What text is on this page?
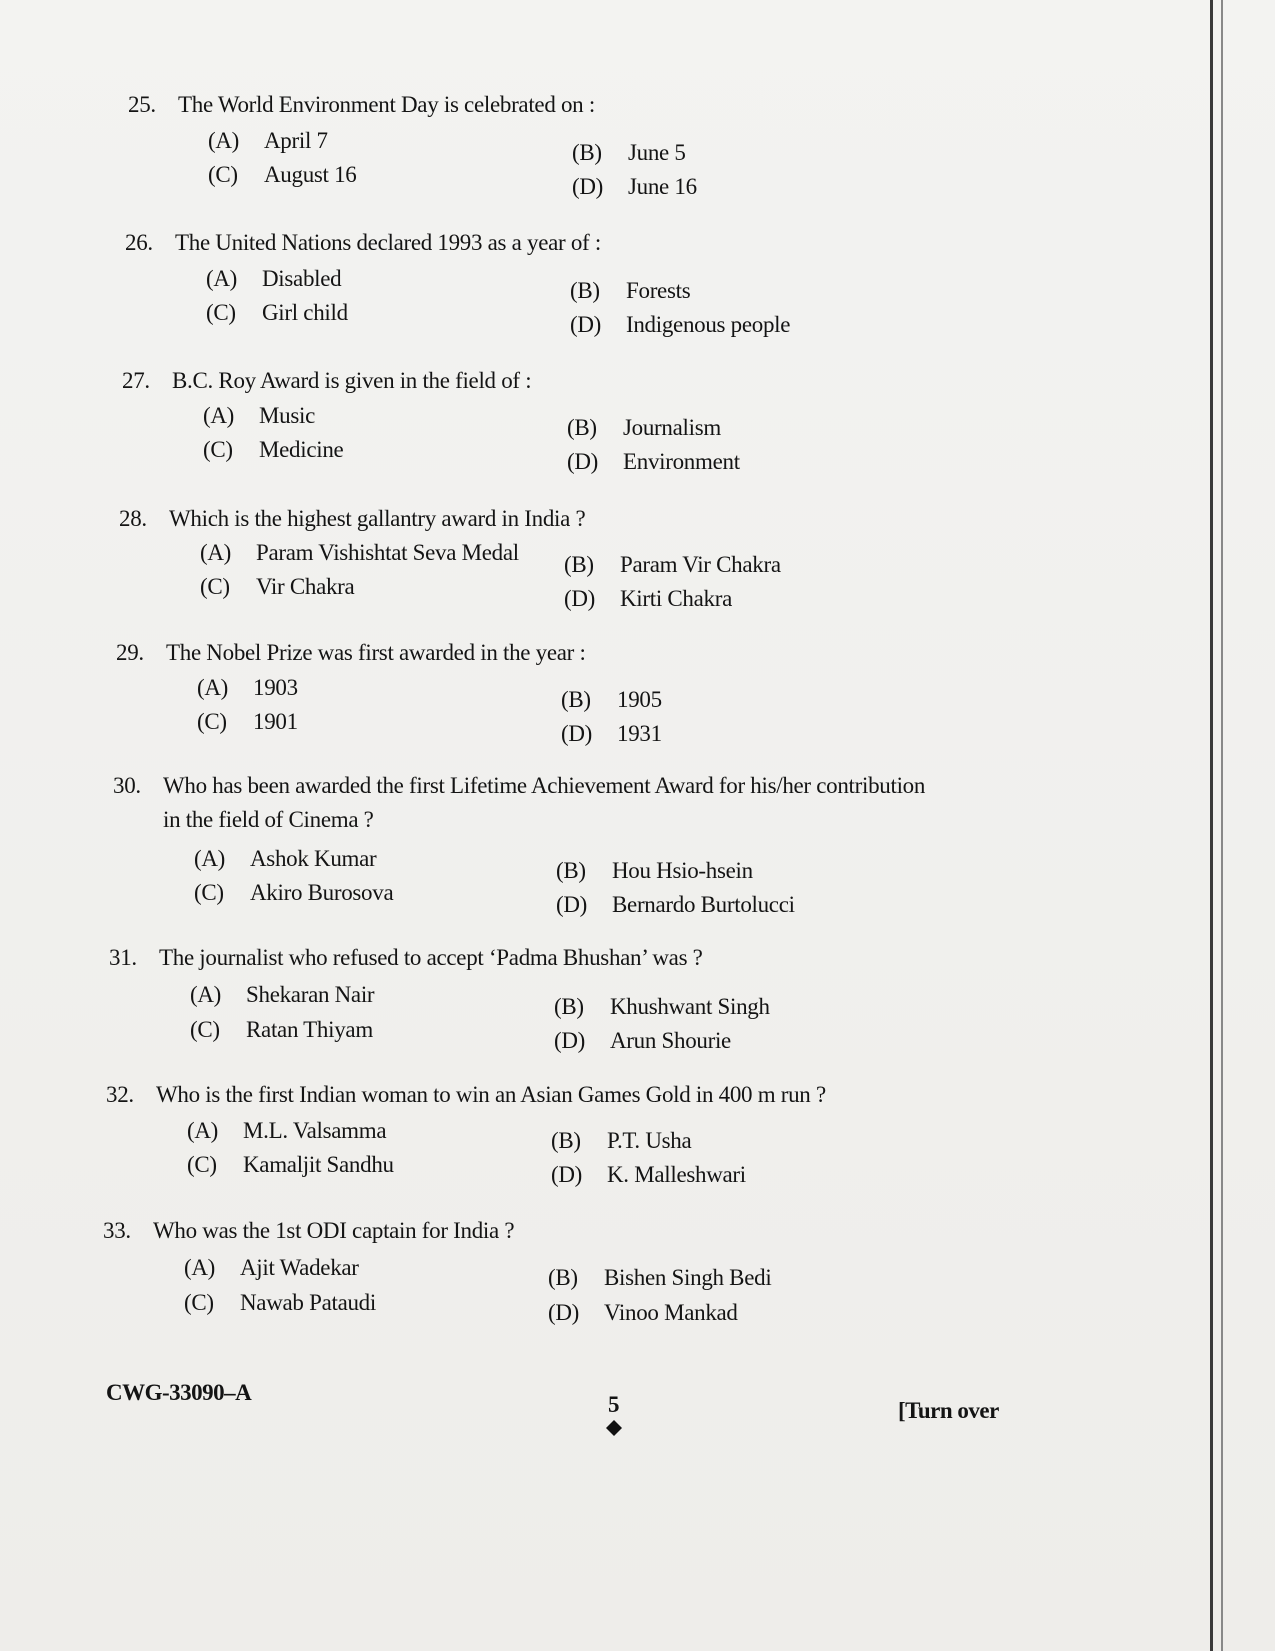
25. The World Environment Day is celebrated on :
(A) April 7	(B) June 5
(C) August 16	(D) June 16
26. The United Nations declared 1993 as a year of :
(A) Disabled	(B) Forests
(C) Girl child	(D) Indigenous people
27. B.C. Roy Award is given in the field of :
(A) Music	(B) Journalism
(C) Medicine	(D) Environment
28. Which is the highest gallantry award in India ?
(A) Param Vishishtat Seva Medal (B) Param Vir Chakra
(C) Vir Chakra	(D) Kirti Chakra
29. The Nobel Prize was first awarded in the year :
(A) 1903	(B) 1905
(C) 1901	(D) 1931
30. Who has been awarded the first Lifetime Achievement Award for his/her contribution
in the field of Cinema ?
(A) Ashok Kumar	(B) Hou Hsio-hsein
(C) Akiro Burosova	(D) Bernardo Burtolucci
31. The journalist who refused to accept ‘Padma Bhushan’ was ?
(A) Shekaran Nair	(B) Khushwant Singh
(C) Ratan Thiyam	(D) Arun Shourie
32. Who is the first Indian woman to win an Asian Games Gold in 400 m run ?
(A) M.L. Valsamma	(B) P.T. Usha
(C) Kamaljit Sandhu	(D) K. Malleshwari
33. Who was the 1st ODI captain for India ?
(A) Ajit Wadekar	(B) Bishen Singh Bedi
(C) Nawab Pataudi	(D) Vinoo Mankad
CWG-33090–A	5	[Turn over
